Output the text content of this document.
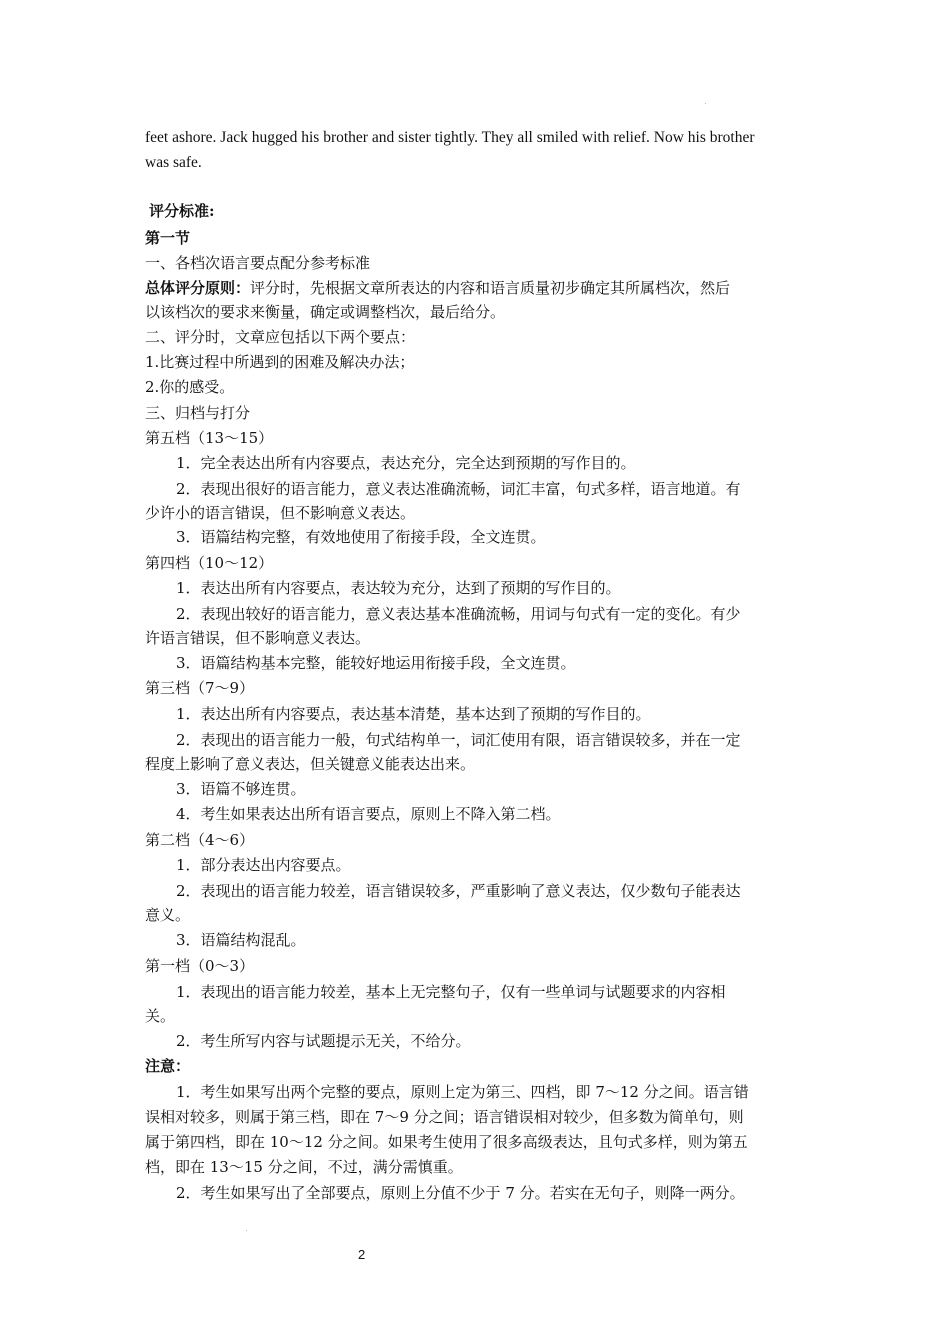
feet ashore. Jack hugged his brother and sister tightly. They all smiled with relief. Now his brother
was safe.
评分标准:
第一节
一、各档次语言要点配分参考标准
总体评分原则：评分时，先根据文章所表达的内容和语言质量初步确定其所属档次，然后
以该档次的要求来衡量，确定或调整档次，最后给分。
二、评分时，文章应包括以下两个要点：
1.比赛过程中所遇到的困难及解决办法；
2.你的感受。
三、归档与打分
第五档（13～15）
1．完全表达出所有内容要点，表达充分，完全达到预期的写作目的。
2．表现出很好的语言能力，意义表达准确流畅，词汇丰富，句式多样，语言地道。有
少许小的语言错误，但不影响意义表达。
3．语篇结构完整，有效地使用了衔接手段，全文连贯。
第四档（10～12）
1．表达出所有内容要点，表达较为充分，达到了预期的写作目的。
2．表现出较好的语言能力，意义表达基本准确流畅，用词与句式有一定的变化。有少
许语言错误，但不影响意义表达。
3．语篇结构基本完整，能较好地运用衔接手段，全文连贯。
第三档（7～9）
1．表达出所有内容要点，表达基本清楚，基本达到了预期的写作目的。
2．表现出的语言能力一般，句式结构单一，词汇使用有限，语言错误较多，并在一定
程度上影响了意义表达，但关键意义能表达出来。
3．语篇不够连贯。
4．考生如果表达出所有语言要点，原则上不降入第二档。
第二档（4～6）
1．部分表达出内容要点。
2．表现出的语言能力较差，语言错误较多，严重影响了意义表达，仅少数句子能表达
意义。
3．语篇结构混乱。
第一档（0～3）
1．表现出的语言能力较差，基本上无完整句子，仅有一些单词与试题要求的内容相
关。
2．考生所写内容与试题提示无关，不给分。
注意：
1．考生如果写出两个完整的要点，原则上定为第三、四档，即 7～12 分之间。语言错
误相对较多，则属于第三档，即在 7～9 分之间；语言错误相对较少，但多数为简单句，则
属于第四档，即在 10～12 分之间。如果考生使用了很多高级表达，且句式多样，则为第五
档，即在 13～15 分之间，不过，满分需慎重。
2．考生如果写出了全部要点，原则上分值不少于 7 分。若实在无句子，则降一两分。
2
